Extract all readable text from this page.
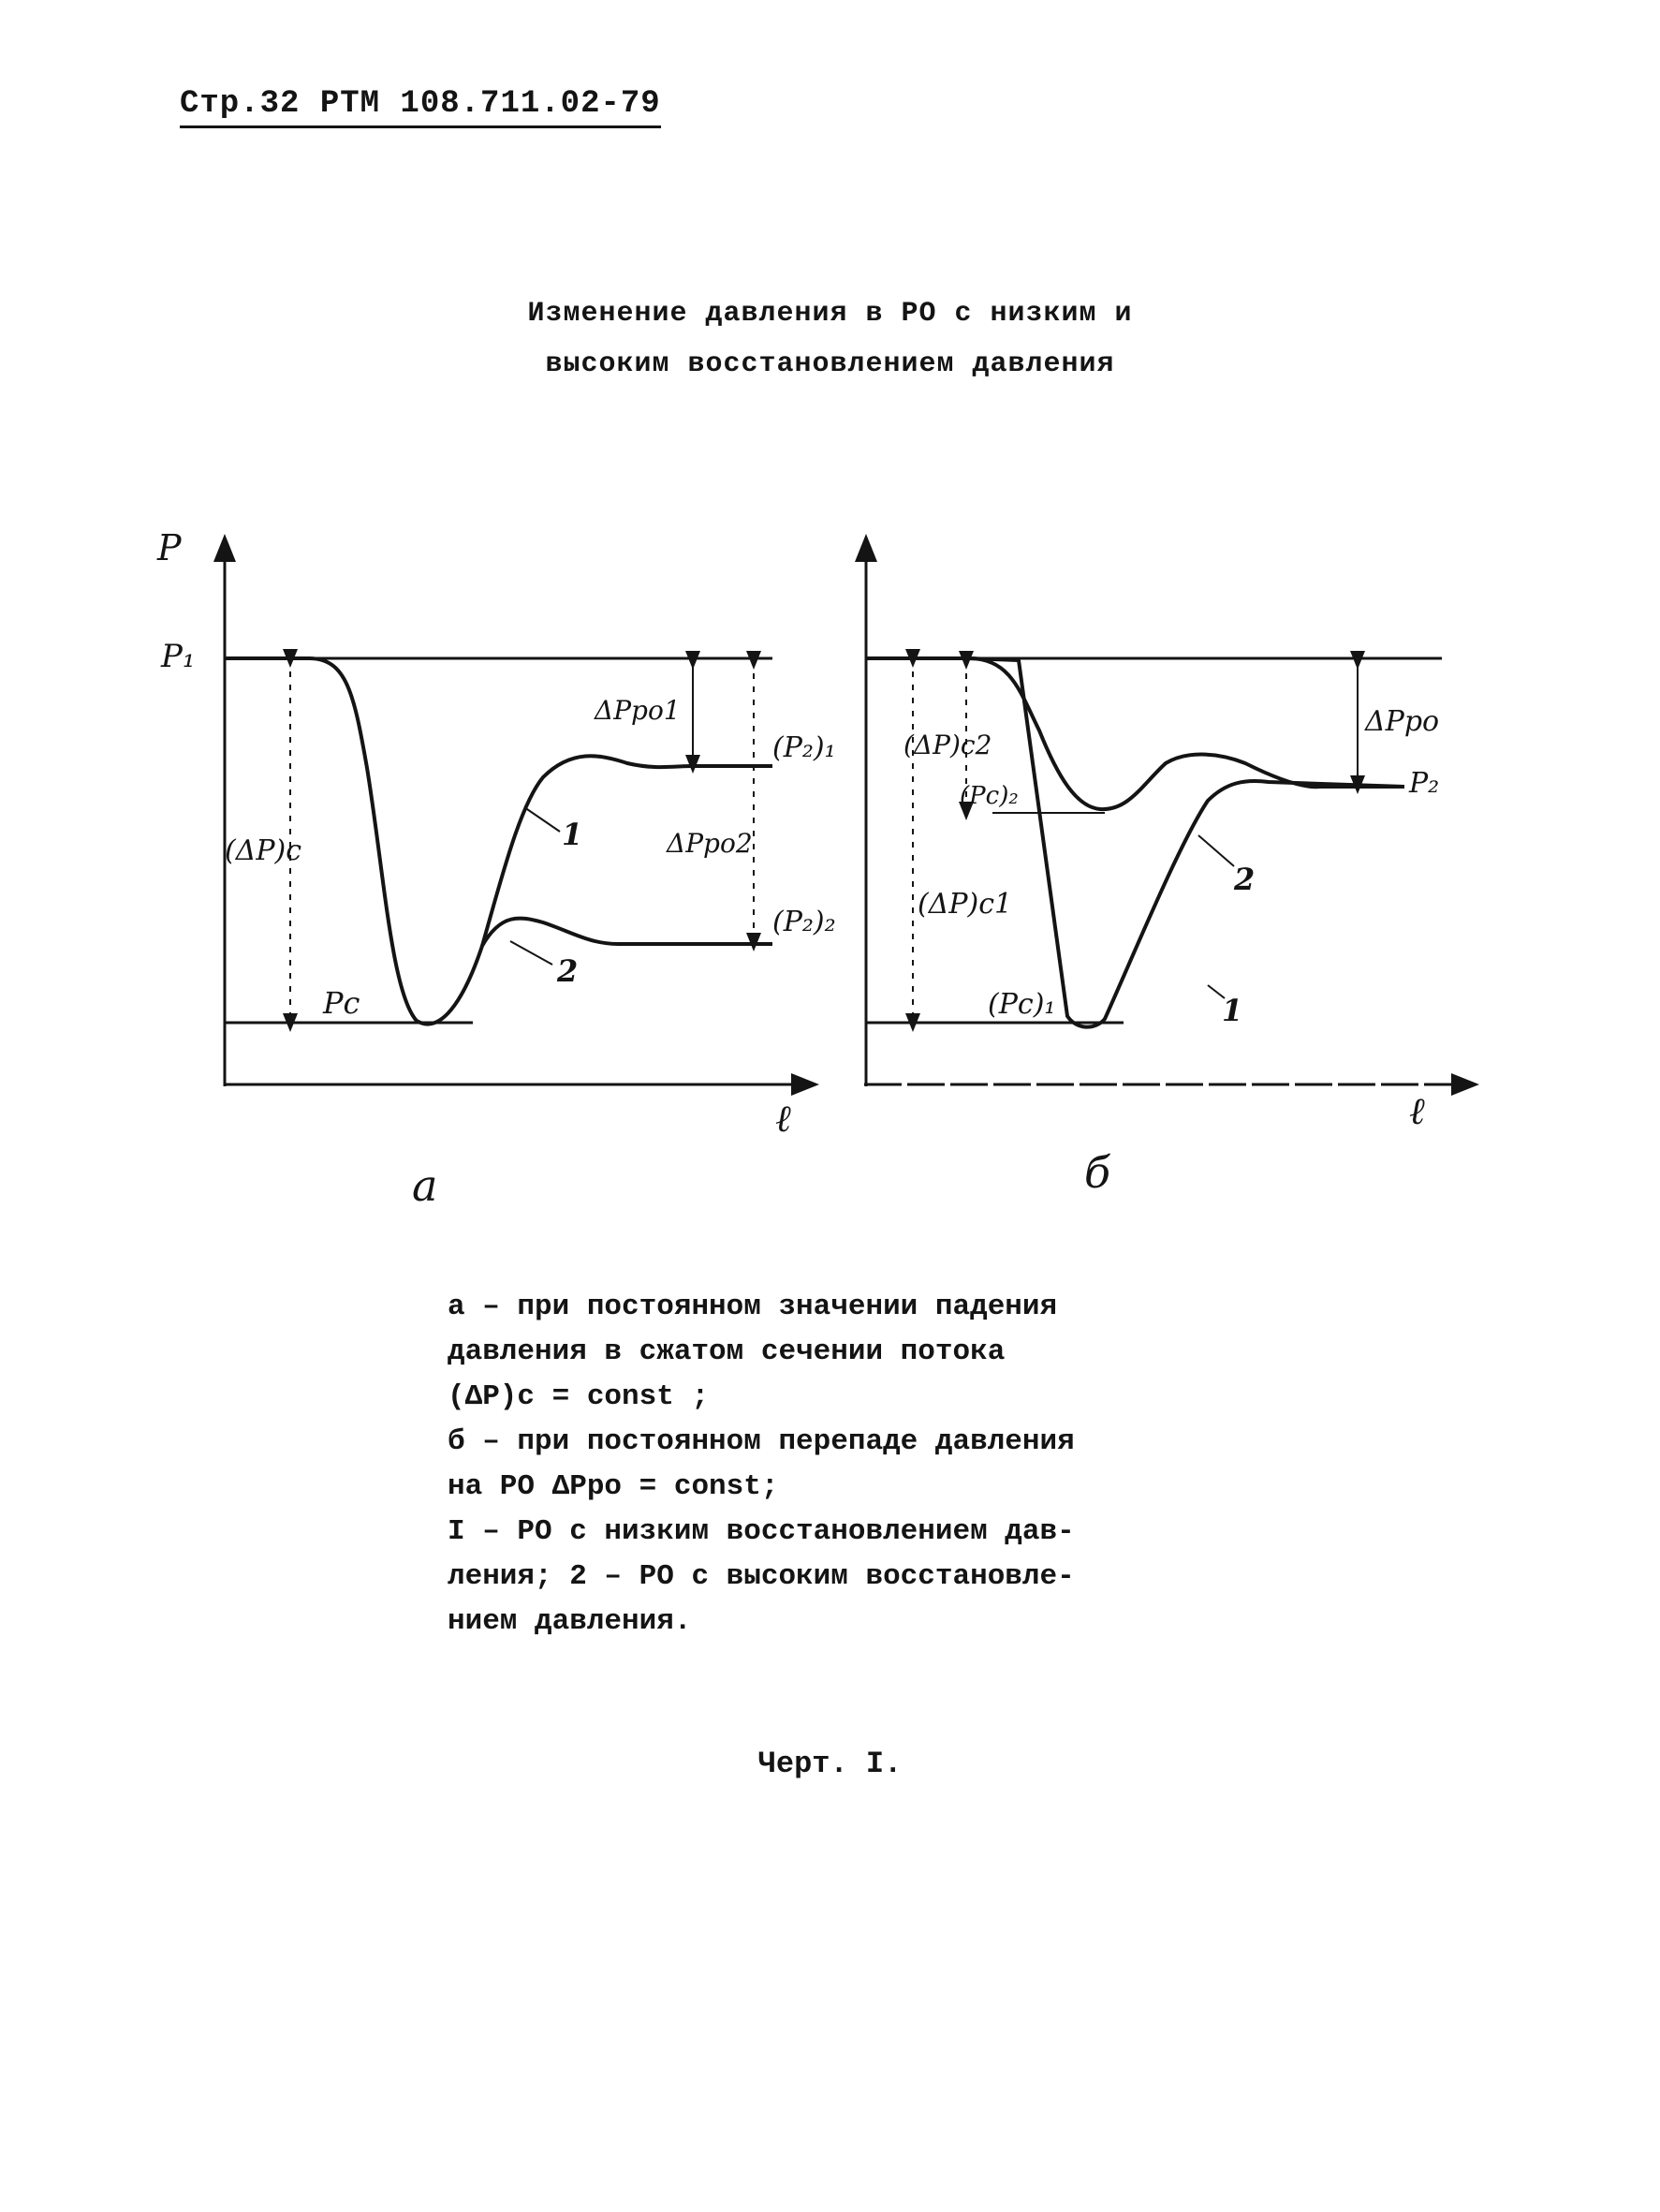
Стр.32 РТМ 108.711.02-79
Изменение давления в РО с низким и
высоким восстановлением давления
P
ℓ
P₁
(ΔP)c
Pc
ΔPро1
ΔPро2
(P₂)₁
(P₂)₂
1
2
a
ℓ
(ΔP)c2
(Pc)₂
(ΔP)c1
(Pc)₁
ΔPро
P₂
2
1
б
а – при постоянном значении падения
давления в сжатом сечении потока
(ΔP)c = const ;
б – при постоянном перепаде давления
на РО ΔPро = const;
I – РО с низким восстановлением дав-
ления; 2 – РО с высоким восстановле-
нием давления.
Черт. I.
